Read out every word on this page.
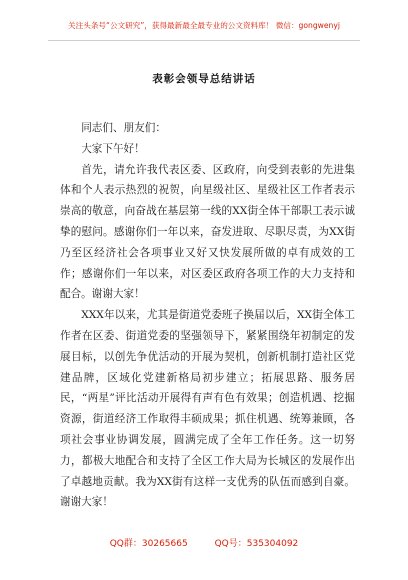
关注头条号“公文研究”，获得最新最全最专业的公文资料库！ 微信：gongwenyj
表彰会领导总结讲话

同志们、朋友们：

大家下午好！

首先，请允许我代表区委、区政府，向受到表彰的先进集体和个人表示热烈的祝贺，向星级社区、星级社区工作者表示崇高的敬意，向奋战在基层第一线的XX街全体干部职工表示诚挚的慰问。感谢你们一年以来，奋发进取、尽职尽责，为XX街乃至区经济社会各项事业又好又快发展所做的卓有成效的工作；感谢你们一年以来，对区委区政府各项工作的大力支持和配合。谢谢大家！

XXX年以来，尤其是街道党委班子换届以后，XX街全体工作者在区委、街道党委的坚强领导下，紧紧围绕年初制定的发展目标，以创先争优活动的开展为契机，创新机制打造社区党建品牌，区域化党建新格局初步建立；拓展思路、服务居民，“两星”评比活动开展得有声有色有效果；创造机遇、挖掘资源，街道经济工作取得丰硕成果；抓住机遇、统筹兼顾，各项社会事业协调发展，圆满完成了全年工作任务。这一切努力，都极大地配合和支持了全区工作大局为长城区的发展作出了卓越地贡献。我为XX街有这样一支优秀的队伍而感到自豪。谢谢大家！

QQ群：30265665	QQ号：535304092
